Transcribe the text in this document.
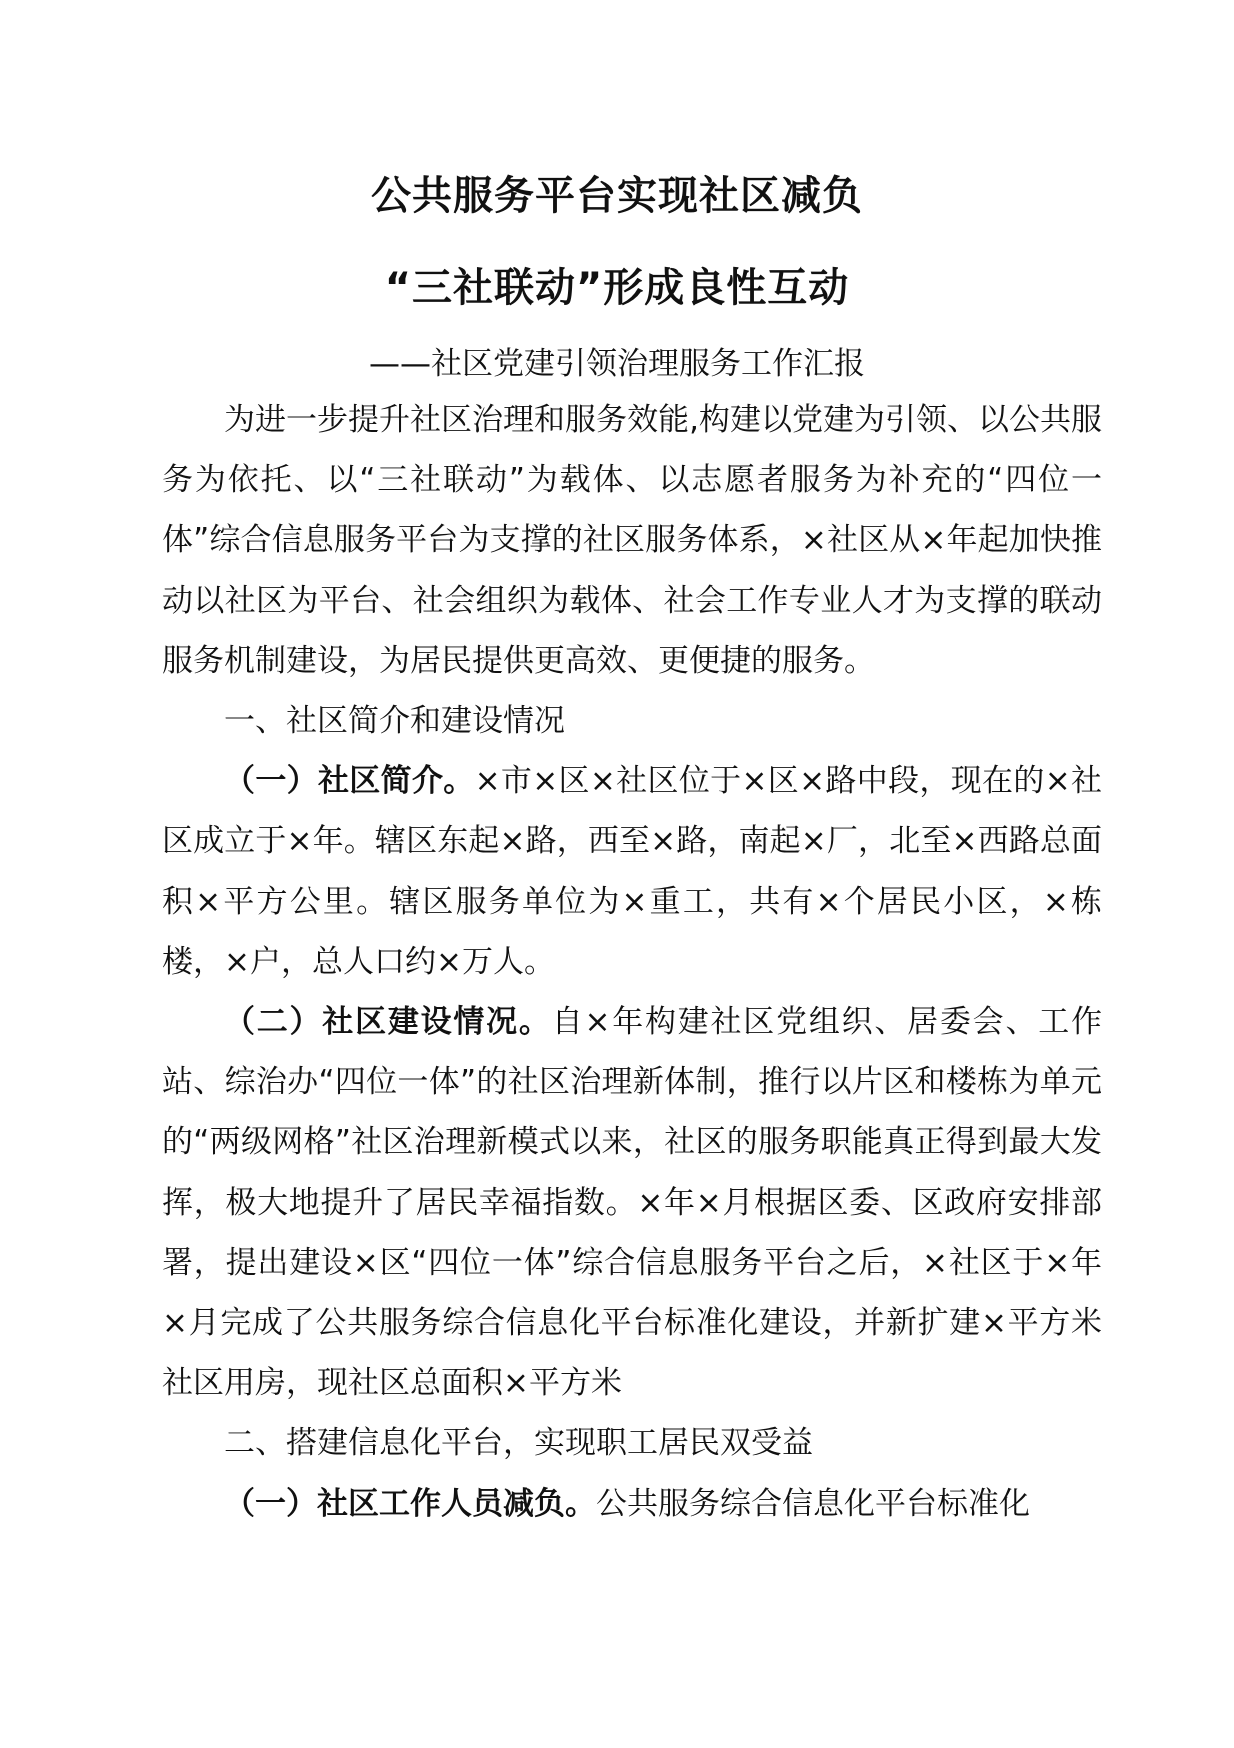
公共服务平台实现社区减负
“三社联动”形成良性互动
——社区党建引领治理服务工作汇报

为进一步提升社区治理和服务效能,构建以党建为引领、以公共服务为依托、以“三社联动”为载体、以志愿者服务为补充的“四位一体”综合信息服务平台为支撑的社区服务体系，×社区从×年起加快推动以社区为平台、社会组织为载体、社会工作专业人才为支撑的联动服务机制建设，为居民提供更高效、更便捷的服务。

一、社区简介和建设情况

（一）社区简介。×市×区×社区位于×区×路中段，现在的×社区成立于×年。辖区东起×路，西至×路，南起×厂，北至×西路总面积×平方公里。辖区服务单位为×重工，共有×个居民小区，×栋楼，×户，总人口约×万人。

（二）社区建设情况。自×年构建社区党组织、居委会、工作站、综治办“四位一体”的社区治理新体制，推行以片区和楼栋为单元的“两级网格”社区治理新模式以来，社区的服务职能真正得到最大发挥，极大地提升了居民幸福指数。×年×月根据区委、区政府安排部署，提出建设×区“四位一体”综合信息服务平台之后，×社区于×年×月完成了公共服务综合信息化平台标准化建设，并新扩建×平方米社区用房，现社区总面积×平方米

二、搭建信息化平台，实现职工居民双受益

（一）社区工作人员减负。公共服务综合信息化平台标准化
